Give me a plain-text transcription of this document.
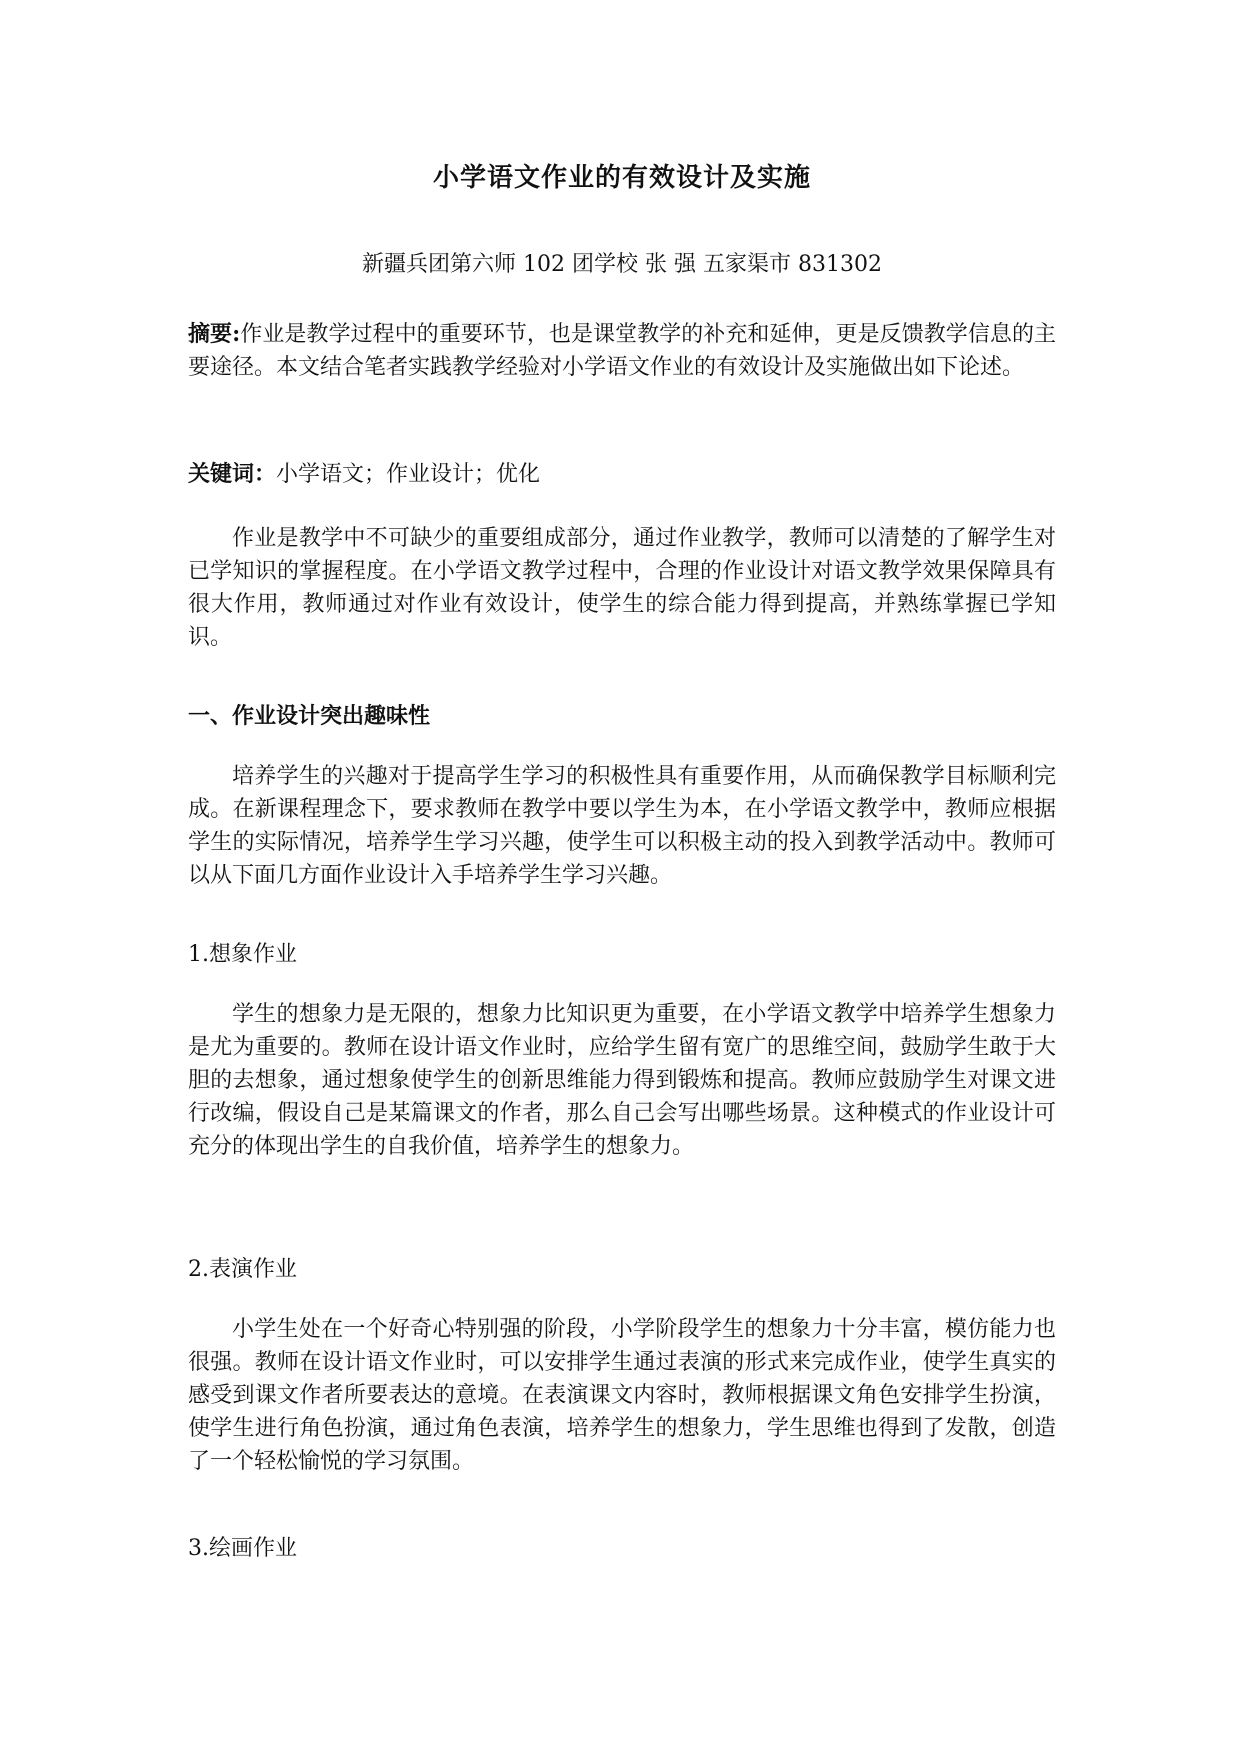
小学语文作业的有效设计及实施

新疆兵团第六师 102 团学校 张 强 五家渠市 831302

摘要:作业是教学过程中的重要环节，也是课堂教学的补充和延伸，更是反馈教学信息的主要途径。本文结合笔者实践教学经验对小学语文作业的有效设计及实施做出如下论述。

关键词：小学语文；作业设计；优化

作业是教学中不可缺少的重要组成部分，通过作业教学，教师可以清楚的了解学生对已学知识的掌握程度。在小学语文教学过程中，合理的作业设计对语文教学效果保障具有很大作用，教师通过对作业有效设计，使学生的综合能力得到提高，并熟练掌握已学知识。

一、作业设计突出趣味性

培养学生的兴趣对于提高学生学习的积极性具有重要作用，从而确保教学目标顺利完成。在新课程理念下，要求教师在教学中要以学生为本，在小学语文教学中，教师应根据学生的实际情况，培养学生学习兴趣，使学生可以积极主动的投入到教学活动中。教师可以从下面几方面作业设计入手培养学生学习兴趣。

1.想象作业

学生的想象力是无限的，想象力比知识更为重要，在小学语文教学中培养学生想象力是尤为重要的。教师在设计语文作业时，应给学生留有宽广的思维空间，鼓励学生敢于大胆的去想象，通过想象使学生的创新思维能力得到锻炼和提高。教师应鼓励学生对课文进行改编，假设自己是某篇课文的作者，那么自己会写出哪些场景。这种模式的作业设计可充分的体现出学生的自我价值，培养学生的想象力。

2.表演作业

小学生处在一个好奇心特别强的阶段，小学阶段学生的想象力十分丰富，模仿能力也很强。教师在设计语文作业时，可以安排学生通过表演的形式来完成作业，使学生真实的感受到课文作者所要表达的意境。在表演课文内容时，教师根据课文角色安排学生扮演，使学生进行角色扮演，通过角色表演，培养学生的想象力，学生思维也得到了发散，创造了一个轻松愉悦的学习氛围。

3.绘画作业
